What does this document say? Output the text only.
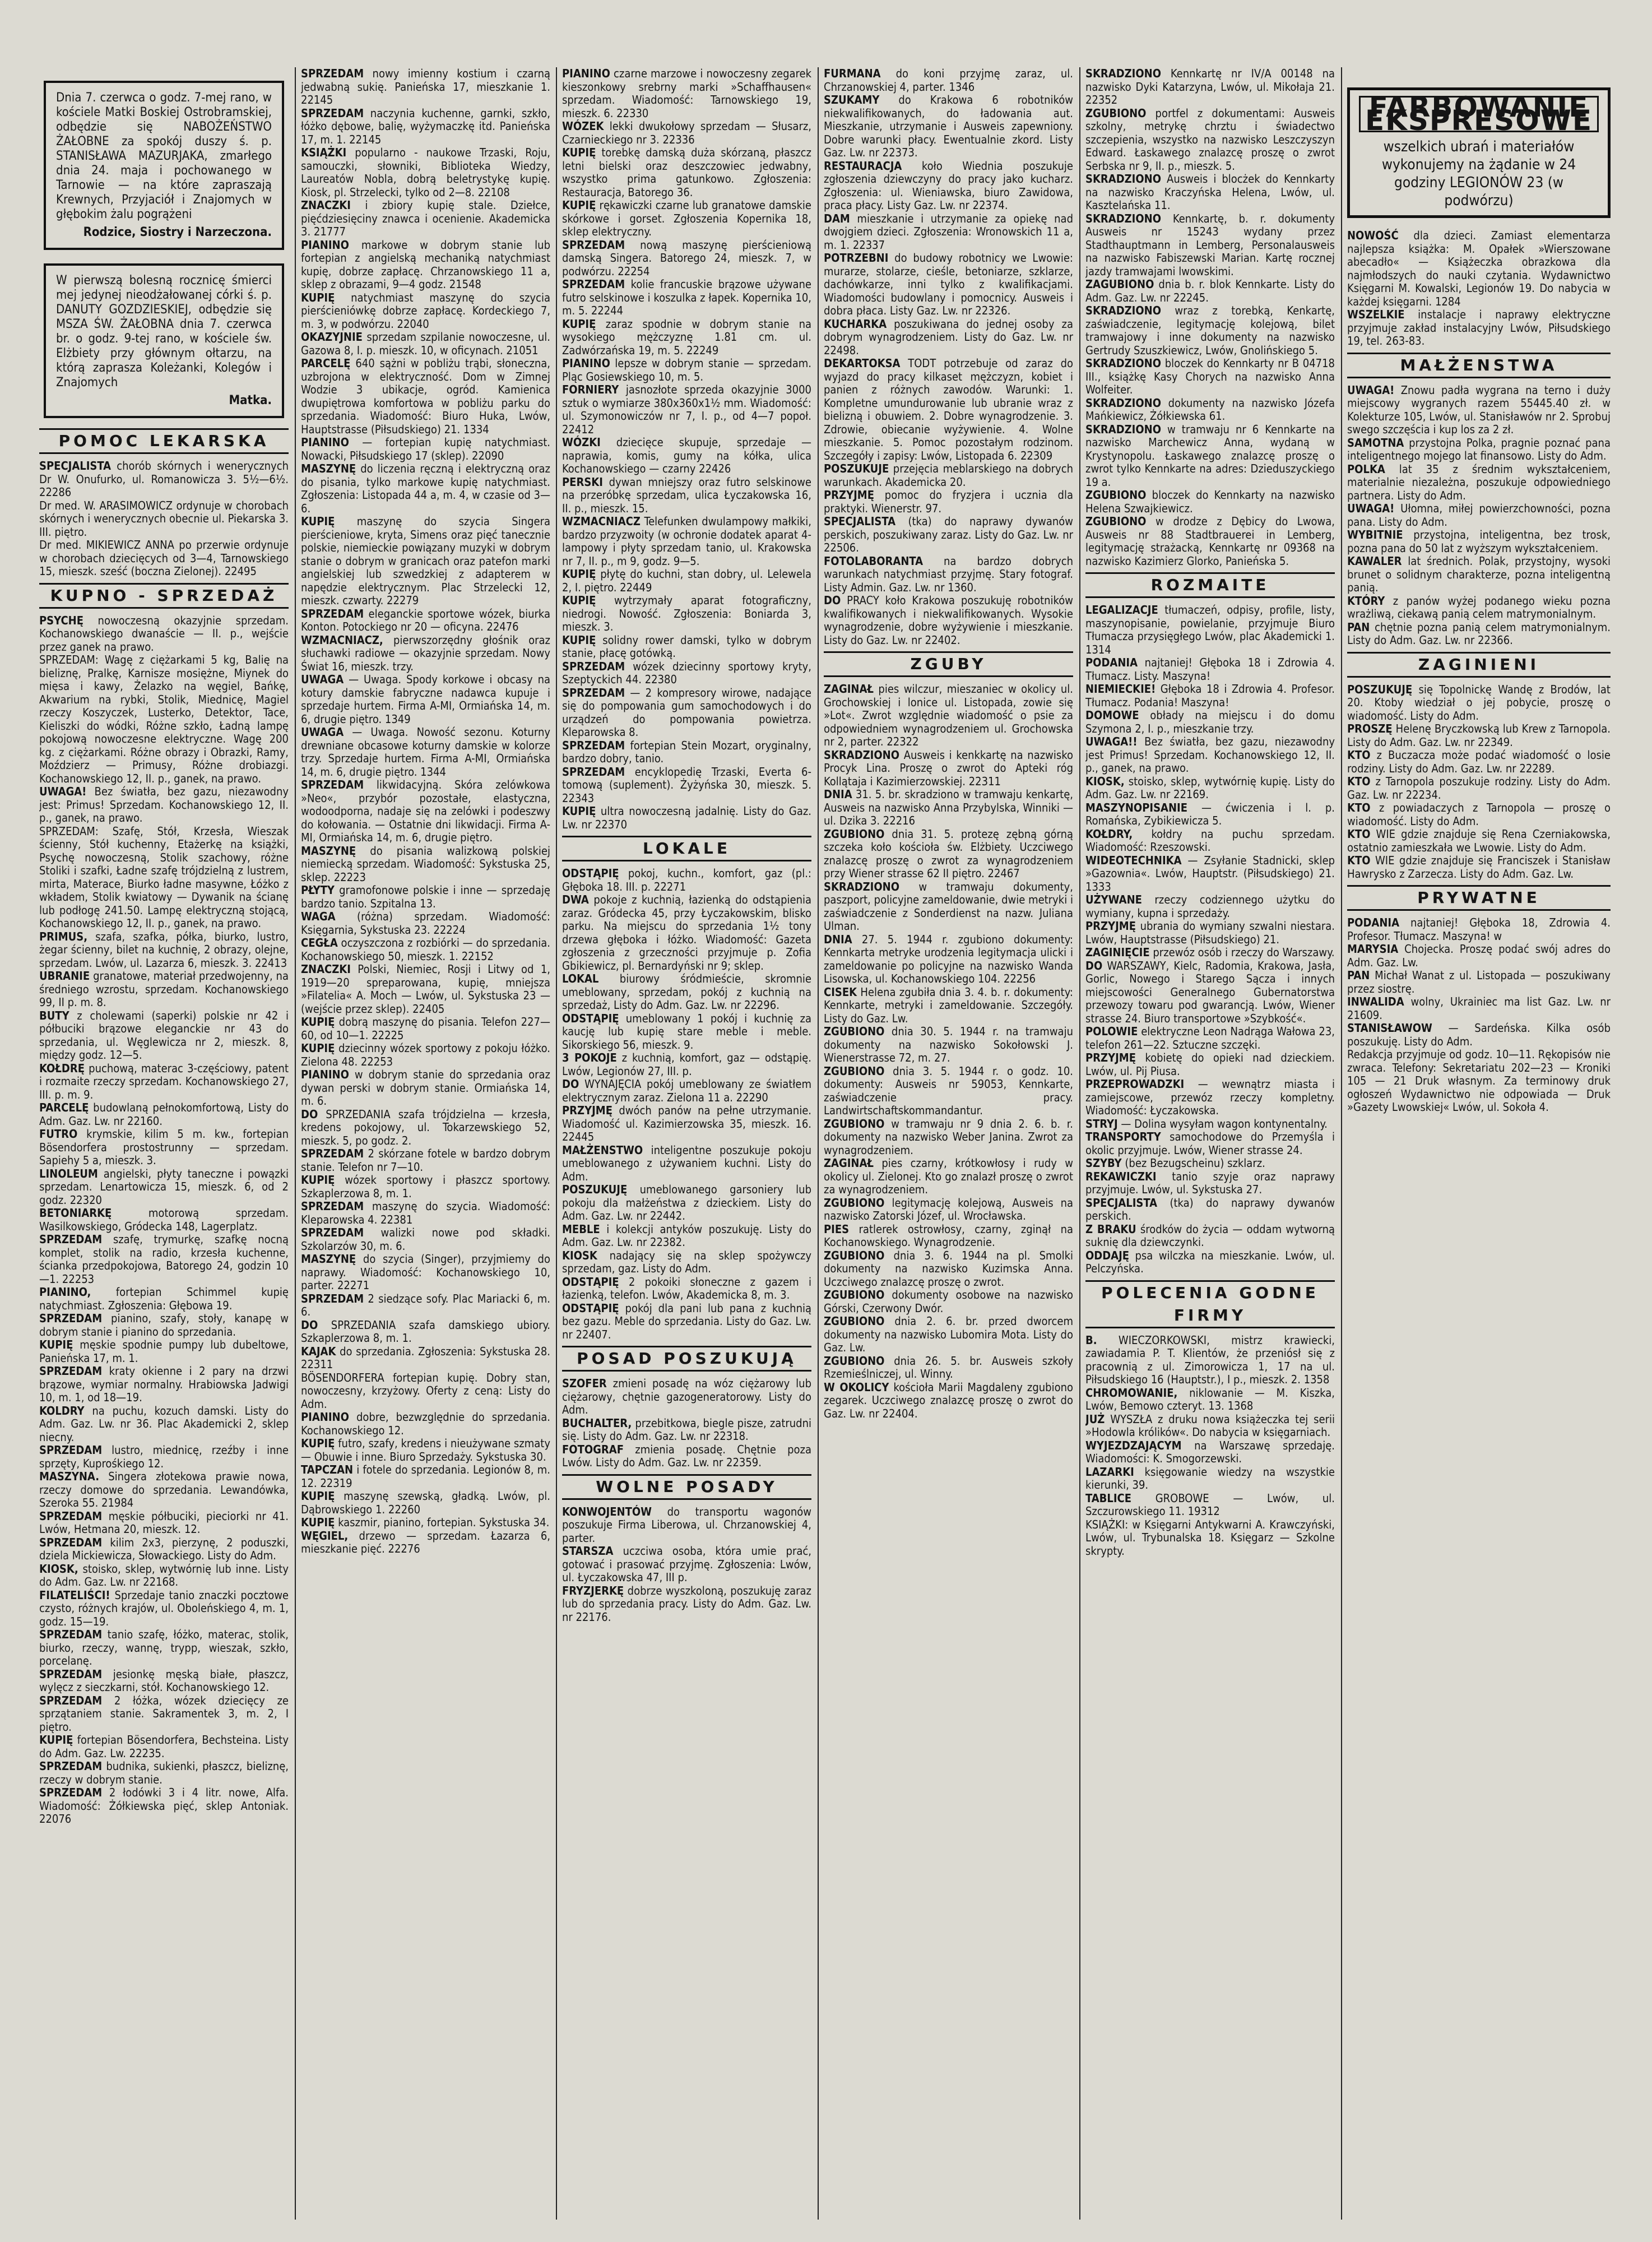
Dnia 7. czerwca o godz. 7-mej rano, w kościele Matki Boskiej Ostrobramskiej, odbędzie się NABOŻEŃSTWO ŻAŁOBNE za spokój duszy ś. p. STANISŁAWA MAZURJAKA, zmarłego dnia 24. maja i pochowanego w Tarnowie — na które zapraszają Krewnych, Przyjaciół i Znajomych w głębokim żalu pogrążeni

Rodzice, Siostry i Narzeczona.

W pierwszą bolesną rocznicę śmierci mej jedynej nieodżałowanej córki ś. p. DANUTY GOZDZIESKIEJ, odbędzie się MSZA ŚW. ŻAŁOBNA dnia 7. czerwca br. o godz. 9-tej rano, w kościele św. Elżbiety przy głównym ołtarzu, na którą zaprasza Koleżanki, Kolegów i Znajomych

Matka.
POMOC LEKARSKA

SPECJALISTA chorób skórnych i wenerycznych Dr W. Onufurko, ul. Romanowicza 3. 5½—6½. 22286

Dr med. W. ARASIMOWICZ ordynuje w chorobach skórnych i wenerycznych obecnie ul. Piekarska 3. III. piętro.

Dr med. MIKIEWICZ ANNA po przerwie ordynuje w chorobach dziecięcych od 3—4, Tarnowskiego 15, mieszk. sześć (boczna Zielonej). 22495

KUPNO - SPRZEDAŻ

PSYCHĘ nowoczesną okazyjnie sprzedam. Kochanowskiego dwanaście — II. p., wejście przez ganek na prawo.

SPRZEDAM: Wagę z ciężarkami 5 kg, Balię na bieliznę, Pralkę, Karnisze mosiężne, Miynek do mięsa i kawy, Żelazko na węgiel, Bańkę, Akwarium na rybki, Stolik, Miednicę, Magiel rzeczy Koszyczek, Lusterko, Detektor, Tace, Kieliszki do wódki, Różne szkło, Ładną lampę pokojową nowoczesne elektryczne. Wagę 200 kg. z ciężarkami. Różne obrazy i Obrazki, Ramy, Moździerz — Primusy, Różne drobiazgi. Kochanowskiego 12, II. p., ganek, na prawo.

UWAGA! Bez światła, bez gazu, niezawodny jest: Primus! Sprzedam. Kochanowskiego 12, II. p., ganek, na prawo.

SPRZEDAM: Szafę, Stół, Krzesła, Wieszak ścienny, Stół kuchenny, Etażerkę na książki, Psychę nowoczesną, Stolik szachowy, różne Stoliki i szafki, Ładne szafę trójdzielną z lustrem, mirta, Materace, Biurko ładne masywne, Łóżko z wkładem, Stolik kwiatowy — Dywanik na ścianę lub podłogę 241.50. Lampę elektryczną stojącą, Kochanowskiego 12, II. p., ganek, na prawo.

PRIMUS, szafa, szafka, półka, biurko, lustro, żegar ścienny, bilet na kuchnię, 2 obrazy, olejne, sprzedam. Lwów, ul. Lazarza 6, mieszk. 3. 22413

UBRANIE granatowe, materiał przedwojenny, na średniego wzrostu, sprzedam. Kochanowskiego 99, II p. m. 8.

BUTY z cholewami (saperki) polskie nr 42 i półbuciki brązowe eleganckie nr 43 do sprzedania, ul. Węglewicza nr 2, mieszk. 8, między godz. 12—5.

KOŁDRĘ puchową, materac 3-częściowy, patent i rozmaite rzeczy sprzedam. Kochanowskiego 27, III. p. m. 9.

PARCELĘ budowlaną pełnokomfortową, Listy do Adm. Gaz. Lw. nr 22160.

FUTRO krymskie, kilim 5 m. kw., fortepian Bösendorfera prostostrunny — sprzedam. Sapiehy 5 a, mieszk. 3.

LINOLEUM angielski, płyty taneczne i powązki sprzedam. Lenartowicza 15, mieszk. 6, od 2 godz. 22320

BETONIARKĘ motorową sprzedam. Wasilkowskiego, Gródecka 148, Lagerplatz.

SPRZEDAM szafę, trymurkę, szafkę nocną komplet, stolik na radio, krzesła kuchenne, ścianka przedpokojowa, Batorego 24, godzin 10—1. 22253

PIANINO, fortepian Schimmel kupię natychmiast. Zgłoszenia: Głębowa 19.

SPRZEDAM pianino, szafy, stoły, kanapę w dobrym stanie i pianino do sprzedania.

KUPIĘ męskie spodnie pumpy lub dubeltowe, Panieńska 17, m. 1.

SPRZEDAM kraty okienne i 2 pary na drzwi brązowe, wymiar normalny. Hrabiowska Jadwigi 10, m. 1, od 18—19.

KOLDRY na puchu, kozuch damski. Listy do Adm. Gaz. Lw. nr 36. Plac Akademicki 2, sklep niecny.

SPRZEDAM lustro, miednicę, rzeźby i inne sprzęty, Kuprośkiego 12.

MASZYNA. Singera złotekowa prawie nowa, rzeczy domowe do sprzedania. Lewandówka, Szeroka 55. 21984

SPRZEDAM męskie półbuciki, pieciorki nr 41. Lwów, Hetmana 20, mieszk. 12.

SPRZEDAM kilim 2x3, pierzynę, 2 poduszki, dziela Mickiewicza, Słowackiego. Listy do Adm.

KIOSK, stoisko, sklep, wytwórnię lub inne. Listy do Adm. Gaz. Lw. nr 22168.

FILATELIŚCI! Sprzedaje tanio znaczki pocztowe czysto, różnych krajów, ul. Oboleńskiego 4, m. 1, godz. 15—19.

SPRZEDAM tanio szafę, łóżko, materac, stolik, biurko, rzeczy, wannę, trypp, wieszak, szkło, porcelanę.

SPRZEDAM jesionkę męską białe, płaszcz, wylęcz z sieczkarni, stół. Kochanowskiego 12.

SPRZEDAM 2 łóżka, wózek dziecięcy ze sprzątaniem stanie. Sakramentek 3, m. 2, I piętro.

KUPIĘ fortepian Bösendorfera, Bechsteina. Listy do Adm. Gaz. Lw. 22235.

SPRZEDAM budnika, sukienki, płaszcz, bieliznę, rzeczy w dobrym stanie.

SPRZEDAM 2 łodówki 3 i 4 litr. nowe, Alfa. Wiadomość: Żółkiewska pięć, sklep Antoniak. 22076

SPRZEDAM nowy imienny kostium i czarną jedwabną sukię. Panieńska 17, mieszkanie 1. 22145

SPRZEDAM naczynia kuchenne, garnki, szkło, łóżko dębowe, balię, wyżymaczkę itd. Panieńska 17, m. 1. 22145

KSIĄŻKI popularno - naukowe Trzaski, Roju, samouczki, słowniki, Biblioteka Wiedzy, Laureatów Nobla, dobrą beletrystykę kupię. Kiosk, pl. Strzelecki, tylko od 2—8. 22108

ZNACZKI i zbiory kupię stale. Dziełce, pięćdziesięciny znawca i ocenienie. Akademicka 3. 21777

PIANINO markowe w dobrym stanie lub fortepian z angielską mechaniką natychmiast kupię, dobrze zapłacę. Chrzanowskiego 11 a, sklep z obrazami, 9—4 godz. 21548

KUPIĘ natychmiast maszynę do szycia pierścieniówkę dobrze zapłacę. Kordeckiego 7, m. 3, w podwórzu. 22040

OKAZYJNIE sprzedam szpilanie nowoczesne, ul. Gazowa 8, I. p. mieszk. 10, w oficynach. 21051

PARCELĘ 640 sążni w pobliżu trąbi, słoneczna, uzbrojona w elektryczność. Dom w Zimnej Wodzie 3 ubikacje, ogród. Kamienica dwupiętrowa komfortowa w pobliżu parku do sprzedania. Wiadomość: Biuro Huka, Lwów, Hauptstrasse (Piłsudskiego) 21. 1334

PIANINO — fortepian kupię natychmiast. Nowacki, Piłsudskiego 17 (sklep). 22090

MASZYNĘ do liczenia ręczną i elektryczną oraz do pisania, tylko markowe kupię natychmiast. Zgłoszenia: Listopada 44 a, m. 4, w czasie od 3—6.

KUPIĘ maszynę do szycia Singera pierścieniowe, kryta, Simens oraz pięć tanecznie polskie, niemieckie powiązany muzyki w dobrym stanie o dobrym w granicach oraz patefon marki angielskiej lub szwedzkiej z adapterem w napędzie elektrycznym. Plac Strzelecki 12, mieszk. czwarty. 22279

SPRZEDAM eleganckie sportowe wózek, biurka Konton. Potockiego nr 20 — oficyna. 22476

WZMACNIACZ, pierwszorzędny głośnik oraz słuchawki radiowe — okazyjnie sprzedam. Nowy Świat 16, mieszk. trzy.

UWAGA — Uwaga. Spody korkowe i obcasy na kotury damskie fabryczne nadawca kupuje i sprzedaje hurtem. Firma A-MI, Ormiańska 14, m. 6, drugie piętro. 1349

UWAGA — Uwaga. Nowość sezonu. Koturny drewniane obcasowe koturny damskie w kolorze trzy. Sprzedaje hurtem. Firma A-MI, Ormiańska 14, m. 6, drugie piętro. 1344

SPRZEDAM likwidacyjną. Skóra zelówkowa »Neo«, przybór pozostałe, elastyczna, wodoodporna, nadaje się na zelówki i podeszwy do kołowania. — Ostatnie dni likwidacji. Firma A-MI, Ormiańska 14, m. 6, drugie piętro.

MASZYNĘ do pisania walizkową polskiej niemiecką sprzedam. Wiadomość: Sykstuska 25, sklep. 22223

PŁYTY gramofonowe polskie i inne — sprzedaję bardzo tanio. Szpitalna 13.

WAGA (różna) sprzedam. Wiadomość: Księgarnia, Sykstuska 23. 22224

CEGŁA oczyszczona z rozbiórki — do sprzedania. Kochanowskiego 50, mieszk. 1. 22152

ZNACZKI Polski, Niemiec, Rosji i Litwy od 1, 1919—20 spreparowana, kupię, mniejsza »Filatelia« A. Moch — Lwów, ul. Sykstuska 23 — (wejście przez sklep). 22405

KUPIĘ dobrą maszynę do pisania. Telefon 227—60, od 10—1. 22225

KUPIĘ dziecinny wózek sportowy z pokoju łóżko. Zielona 48. 22253

PIANINO w dobrym stanie do sprzedania oraz dywan perski w dobrym stanie. Ormiańska 14, m. 6.

DO SPRZEDANIA szafa trójdzielna — krzesła, kredens pokojowy, ul. Tokarzewskiego 52, mieszk. 5, po godz. 2.

SPRZEDAM 2 skórzane fotele w bardzo dobrym stanie. Telefon nr 7—10.

KUPIĘ wózek sportowy i płaszcz sportowy. Szkaplerzowa 8, m. 1.

SPRZEDAM maszynę do szycia. Wiadomość: Kleparowska 4. 22381

SPRZEDAM walizki nowe pod składki. Szkolarzów 30, m. 6.

MASZYNĘ do szycia (Singer), przyjmiemy do naprawy. Wiadomość: Kochanowskiego 10, parter. 22271

SPRZEDAM 2 siedzące sofy. Plac Mariacki 6, m. 6.

DO SPRZEDANIA szafa damskiego ubiory. Szkaplerzowa 8, m. 1.

KAJAK do sprzedania. Zgłoszenia: Sykstuska 28. 22311

BÖSENDORFERA fortepian kupię. Dobry stan, nowoczesny, krzyżowy. Oferty z ceną: Listy do Adm.

PIANINO dobre, bezwzględnie do sprzedania. Kochanowskiego 12.

KUPIĘ futro, szafy, kredens i nieużywane szmaty — Obuwie i inne. Biuro Sprzedaży. Sykstuska 30.

TAPCZAN i fotele do sprzedania. Legionów 8, m. 12. 22319

KUPIĘ maszynę szewską, gładką. Lwów, pl. Dąbrowskiego 1. 22260

KUPIĘ kaszmir, pianino, fortepian. Sykstuska 34.

WĘGIEL, drzewo — sprzedam. Łazarza 6, mieszkanie pięć. 22276

PIANINO czarne marzowe i nowoczesny zegarek kieszonkowy srebrny marki »Schaffhausen« sprzedam. Wiadomość: Tarnowskiego 19, mieszk. 6. 22330

WÓZEK lekki dwukołowy sprzedam — Słusarz, Czarnieckiego nr 3. 22336

KUPIĘ torebkę damską duża skórzaną, płaszcz letni bielski oraz deszczowiec jedwabny, wszystko prima gatunkowo. Zgłoszenia: Restauracja, Batorego 36.

KUPIĘ rękawiczki czarne lub granatowe damskie skórkowe i gorset. Zgłoszenia Kopernika 18, sklep elektryczny.

SPRZEDAM nową maszynę pierścieniową damską Singera. Batorego 24, mieszk. 7, w podwórzu. 22254

SPRZEDAM kolie francuskie brązowe używane futro selskinowe i koszulka z łapek. Kopernika 10, m. 5. 22244

KUPIĘ zaraz spodnie w dobrym stanie na wysokiego mężczyznę 1.81 cm. ul. Zadwórzańska 19, m. 5. 22249

PIANINO lepsze w dobrym stanie — sprzedam. Pląc Gosiewskiego 10, m. 5.

FORNIERY jasnozłote sprzeda okazyjnie 3000 sztuk o wymiarze 380x360x1½ mm. Wiadomość: ul. Szymonowiczów nr 7, I. p., od 4—7 popoł. 22412

WÓZKI dziecięce skupuje, sprzedaje — naprawia, komis, gumy na kółka, ulica Kochanowskiego — czarny 22426

PERSKI dywan mniejszy oraz futro selskinowe na przeróbkę sprzedam, ulica Łyczakowska 16, II. p., mieszk. 15.

WZMACNIACZ Telefunken dwulampowy małkiki, bardzo przyzwoity (w ochronie dodatek aparat 4-lampowy i płyty sprzedam tanio, ul. Krakowska nr 7, II. p., m 9, godz. 9—5.

KUPIĘ płytę do kuchni, stan dobry, ul. Lelewela 2, I. piętro. 22449

KUPIĘ wytrzymały aparat fotograficzny, niedrogi. Nowość. Zgłoszenia: Boniarda 3, mieszk. 3.

KUPIĘ solidny rower damski, tylko w dobrym stanie, płacę gotówką.

SPRZEDAM wózek dziecinny sportowy kryty, Szeptyckich 44. 22380

SPRZEDAM — 2 kompresory wirowe, nadające się do pompowania gum samochodowych i do urządzeń do pompowania powietrza. Kleparowska 8.

SPRZEDAM fortepian Stein Mozart, oryginalny, bardzo dobry, tanio.

SPRZEDAM encyklopedię Trzaski, Everta 6-tomową (suplement). Żyżyńska 30, mieszk. 5. 22343

KUPIĘ ultra nowoczesną jadalnię. Listy do Gaz. Lw. nr 22370

LOKALE

ODSTĄPIĘ pokoj, kuchn., komfort, gaz (pl.: Głęboka 18. III. p. 22271

DWA pokoje z kuchnią, łazienką do odstąpienia zaraz. Gródecka 45, przy Łyczakowskim, blisko parku. Na miejscu do sprzedania 1½ tony drzewa głęboka i łóżko. Wiadomość: Gazeta zgłoszenia z grzeczności przyjmuje p. Zofia Gbikiewicz, pl. Bernardyński nr 9; sklep.

LOKAL biurowy śródmieście, skromnie umeblowany, sprzedam, pokój z kuchnią na sprzedaż, Listy do Adm. Gaz. Lw. nr 22296.

ODSTĄPIĘ umeblowany 1 pokój i kuchnię za kaucję lub kupię stare meble i meble. Sikorskiego 56, mieszk. 9.

3 POKOJE z kuchnią, komfort, gaz — odstąpię. Lwów, Legionów 27, III. p.

DO WYNAJĘCIA pokój umeblowany ze światłem elektrycznym zaraz. Zielona 11 a. 22290

PRZYJMĘ dwóch panów na pełne utrzymanie. Wiadomość ul. Kazimierzowska 35, mieszk. 16. 22445

MAŁŻENSTWO inteligentne poszukuje pokoju umeblowanego z używaniem kuchni. Listy do Adm.

POSZUKUJĘ umeblowanego garsoniery lub pokoju dla małżeństwa z dzieckiem. Listy do Adm. Gaz. Lw. nr 22442.

MEBLE i kolekcji antyków poszukuję. Listy do Adm. Gaz. Lw. nr 22382.

KIOSK nadający się na sklep spożywczy sprzedam, gaz. Listy do Adm.

ODSTĄPIĘ 2 pokoiki słoneczne z gazem i łazienką, telefon. Lwów, Akademicka 8, m. 3.

ODSTĄPIĘ pokój dla pani lub pana z kuchnią bez gazu. Meble do sprzedania. Listy do Gaz. Lw. nr 22407.

POSAD POSZUKUJĄ

SZOFER zmieni posadę na wóz ciężarowy lub ciężarowy, chętnie gazogeneratorowy. Listy do Adm.

BUCHALTER, przebitkowa, biegle pisze, zatrudni się. Listy do Adm. Gaz. Lw. nr 22318.

FOTOGRAF zmienia posadę. Chętnie poza Lwów. Listy do Adm. Gaz. Lw. nr 22359.

WOLNE POSADY

KONWOJENTÓW do transportu wagonów poszukuje Firma Liberowa, ul. Chrzanowskiej 4, parter.

STARSZA uczciwa osoba, która umie prać, gotować i prasować przyjmę. Zgłoszenia: Lwów, ul. Łyczakowska 47, III p.

FRYZJERKĘ dobrze wyszkoloną, poszukuję zaraz lub do sprzedania pracy. Listy do Adm. Gaz. Lw. nr 22176.

FURMANA do koni przyjmę zaraz, ul. Chrzanowskiej 4, parter. 1346

SZUKAMY do Krakowa 6 robotników niekwalifikowanych, do ładowania aut. Mieszkanie, utrzymanie i Ausweis zapewniony. Dobre warunki płacy. Ewentualnie zkord. Listy Gaz. Lw. nr 22373.

RESTAURACJA koło Wiednia poszukuje zgłoszenia dziewczyny do pracy jako kucharz. Zgłoszenia: ul. Wieniawska, biuro Zawidowa, praca płacy. Listy Gaz. Lw. nr 22374.

DAM mieszkanie i utrzymanie za opiekę nad dwojgiem dzieci. Zgłoszenia: Wronowskich 11 a, m. 1. 22337

POTRZEBNI do budowy robotnicy we Lwowie: murarze, stolarze, cieśle, betoniarze, szklarze, dachówkarze, inni tylko z kwalifikacjami. Wiadomości budowlany i pomocnicy. Ausweis i dobra płaca. Listy Gaz. Lw. nr 22326.

KUCHARKA poszukiwana do jednej osoby za dobrym wynagrodzeniem. Listy do Gaz. Lw. nr 22498.

DEKARTOKSA TODT potrzebuje od zaraz do wyjazd do pracy kilkaset mężczyzn, kobiet i panien z różnych zawodów. Warunki: 1. Kompletne umundurowanie lub ubranie wraz z bielizną i obuwiem. 2. Dobre wynagrodzenie. 3. Zdrowie, obiecanie wyżywienie. 4. Wolne mieszkanie. 5. Pomoc pozostałym rodzinom. Szczegóły i zapisy: Lwów, Listopada 6. 22309

POSZUKUJE przejęcia meblarskiego na dobrych warunkach. Akademicka 20.

PRZYJMĘ pomoc do fryzjera i ucznia dla praktyki. Wienerstr. 97.

SPECJALISTA (tka) do naprawy dywanów perskich, poszukiwany zaraz. Listy do Gaz. Lw. nr 22506.

FOTOLABORANTA na bardzo dobrych warunkach natychmiast przyjmę. Stary fotograf. Listy Admin. Gaz. Lw. nr 1360.

DO PRACY koło Krakowa poszukuję robotników kwalifikowanych i niekwalifikowanych. Wysokie wynagrodzenie, dobre wyżywienie i mieszkanie. Listy do Gaz. Lw. nr 22402.

ZGUBY

ZAGINAŁ pies wilczur, mieszaniec w okolicy ul. Grochowskiej i lonice ul. Listopada, zowie się »Lot«. Zwrot względnie wiadomość o psie za odpowiedniem wynagrodzeniem ul. Grochowska nr 2, parter. 22322

SKRADZIONO Ausweis i kenkkartę na nazwisko Procyk Lina. Proszę o zwrot do Apteki róg Kollątaja i Kazimierzowskiej. 22311

DNIA 31. 5. br. skradziono w tramwaju kenkartę, Ausweis na nazwisko Anna Przybylska, Winniki — ul. Dzika 3. 22216

ZGUBIONO dnia 31. 5. protezę zębną górną szczeka koło kościoła św. Elżbiety. Uczciwego znalazcę proszę o zwrot za wynagrodzeniem przy Wiener strasse 62 II piętro. 22467

SKRADZIONO w tramwaju dokumenty, paszport, policyjne zameldowanie, dwie metryki i zaświadczenie z Sonderdienst na nazw. Juliana Ulman.

DNIA 27. 5. 1944 r. zgubiono dokumenty: Kennkarta metryke urodzenia legitymacja ulicki i zameldowanie po policyjne na nazwisko Wanda Lisowska, ul. Kochanowskiego 104. 22256

CISEK Helena zgubiła dnia 3. 4. b. r. dokumenty: Kennkarte, metryki i zameldowanie. Szczegóły. Listy do Gaz. Lw.

ZGUBIONO dnia 30. 5. 1944 r. na tramwaju dokumenty na nazwisko Sokołowski J. Wienerstrasse 72, m. 27.

ZGUBIONO dnia 3. 5. 1944 r. o godz. 10. dokumenty: Ausweis nr 59053, Kennkarte, zaświadczenie pracy. Landwirtschaftskommandantur.

ZGUBIONO w tramwaju nr 9 dnia 2. 6. b. r. dokumenty na nazwisko Weber Janina. Zwrot za wynagrodzeniem.

ZAGINAŁ pies czarny, krótkowłosy i rudy w okolicy ul. Zielonej. Kto go znalazł proszę o zwrot za wynagrodzeniem.

ZGUBIONO legitymację kolejową, Ausweis na nazwisko Zatorski Józef, ul. Wrocławska.

PIES ratlerek ostrowłosy, czarny, zginął na Kochanowskiego. Wynagrodzenie.

ZGUBIONO dnia 3. 6. 1944 na pl. Smolki dokumenty na nazwisko Kuzimska Anna. Uczciwego znalazcę proszę o zwrot.

ZGUBIONO dokumenty osobowe na nazwisko Górski, Czerwony Dwór.

ZGUBIONO dnia 2. 6. br. przed dworcem dokumenty na nazwisko Lubomira Mota. Listy do Gaz. Lw.

ZGUBIONO dnia 26. 5. br. Ausweis szkoły Rzemieślniczej, ul. Winny.

W OKOLICY kościoła Marii Magdaleny zgubiono zegarek. Uczciwego znalazcę proszę o zwrot do Gaz. Lw. nr 22404.

SKRADZIONO Kennkartę nr IV/A 00148 na nazwisko Dyki Katarzyna, Lwów, ul. Mikołaja 21. 22352

ZGUBIONO portfel z dokumentami: Ausweis szkolny, metrykę chrztu i świadectwo szczepienia, wszystko na nazwisko Leszczyszyn Edward. Łaskawego znalazcę proszę o zwrot Serbska nr 9, II. p., mieszk. 5.

SKRADZIONO Ausweis i blocżek do Kennkarty na nazwisko Kraczyńska Helena, Lwów, ul. Kasztelańska 11.

SKRADZIONO Kennkartę, b. r. dokumenty Ausweis nr 15243 wydany przez Stadthauptmann in Lemberg, Personalausweis na nazwisko Fabiszewski Marian. Kartę rocznej jazdy tramwajami lwowskimi.

ZAGUBIONO dnia b. r. blok Kennkarte. Listy do Adm. Gaz. Lw. nr 22245.

SKRADZIONO wraz z torebką, Kenkartę, zaświadczenie, legitymację kolejową, bilet tramwajowy i inne dokumenty na nazwisko Gertrudy Szuszkiewicz, Lwów, Gnolińskiego 5.

SKRADZIONO bloczek do Kennkarty nr B 04718 III., książkę Kasy Chorych na nazwisko Anna Wolfeiter.

SKRADZIONO dokumenty na nazwisko Józefa Mańkiewicz, Żółkiewska 61.

SKRADZIONO w tramwaju nr 6 Kennkarte na nazwisko Marchewicz Anna, wydaną w Krystynopolu. Łaskawego znalazcę proszę o zwrot tylko Kennkarte na adres: Dzieduszyckiego 19 a.

ZGUBIONO bloczek do Kennkarty na nazwisko Helena Szwajkiewicz.

ZGUBIONO w drodze z Dębicy do Lwowa, Ausweis nr 88 Stadtbrauerei in Lemberg, legitymację strażacką, Kennkartę nr 09368 na nazwisko Kazimierz Glorko, Panieńska 5.

ROZMAITE

LEGALIZACJE tłumaczeń, odpisy, profile, listy, maszynopisanie, powielanie, przyjmuje Biuro Tłumacza przysięgłego Lwów, plac Akademicki 1. 1314

PODANIA najtaniej! Głęboka 18 i Zdrowia 4. Tłumacz. Listy. Maszyna!

NIEMIECKIE! Głęboka 18 i Zdrowia 4. Profesor. Tłumacz. Podania! Maszyna!

DOMOWE obłady na miejscu i do domu Szymona 2, I. p., mieszkanie trzy.

UWAGA!! Bez światła, bez gazu, niezawodny jest Primus! Sprzedam. Kochanowskiego 12, II. p., ganek, na prawo.

KIOSK, stoisko, sklep, wytwórnię kupię. Listy do Adm. Gaz. Lw. nr 22169.

MASZYNOPISANIE — ćwiczenia i l. p. Romańska, Zybikiewicza 5.

KOŁDRY, kołdry na puchu sprzedam. Wiadomość: Rzeszowski.

WIDEOTECHNIKA — Zsyłanie Stadnicki, sklep »Gazownia«. Lwów, Hauptstr. (Piłsudskiego) 21. 1333

UŻYWANE rzeczy codziennego użytku do wymiany, kupna i sprzedaży.

PRZYJMĘ ubrania do wymiany szwalni niestara. Lwów, Hauptstrasse (Piłsudskiego) 21.

ZAGINIĘCIE przewóz osób i rzeczy do Warszawy.

DO WARSZAWY, Kielc, Radomia, Krakowa, Jasła, Gorlic, Nowego i Starego Sącza i innych miejscowości Generalnego Gubernatorstwa przewozy towaru pod gwarancją. Lwów, Wiener strasse 24. Biuro transportowe »Szybkość«.

POLOWIE elektryczne Leon Nadrąga Wałowa 23, telefon 261—22. Sztuczne szczęki.

PRZYJMĘ kobietę do opieki nad dzieckiem. Lwów, ul. Pij Piusa.

PRZEPROWADZKI — wewnątrz miasta i zamiejscowe, przewóz rzeczy kompletny. Wiadomość: Łyczakowska.

STRYJ — Dolina wysyłam wagon kontynentalny.

TRANSPORTY samochodowe do Przemyśla i okolic przyjmuje. Lwów, Wiener strasse 24.

SZYBY (bez Bezugscheinu) szklarz.

REKAWICZKI tanio szyje oraz naprawy przyjmuje. Lwów, ul. Sykstuska 27.

SPECJALISTA (tka) do naprawy dywanów perskich.

Z BRAKU środków do życia — oddam wytworną suknię dla dziewczynki.

ODDAJĘ psa wilczka na mieszkanie. Lwów, ul. Pelczyńska.

POLECENIA GODNE FIRMY

B. WIECZORKOWSKI, mistrz krawiecki, zawiadamia P. T. Klientów, że przeniósł się z pracownią z ul. Zimorowicza 1, 17 na ul. Piłsudskiego 16 (Hauptstr.), I p., mieszk. 2. 1358

CHROMOWANIE, niklowanie — M. Kiszka, Lwów, Bemowo czteryt. 13. 1368

JUŻ WYSZŁA z druku nowa książeczka tej serii »Hodowla królików«. Do nabycia w księgarniach.

WYJEZDZAJĄCYM na Warszawę sprzedaję. Wiadomości: K. Smogorzewski.

LAZARKI księgowanie wiedzy na wszystkie kierunki, 39.

TABLICE GROBOWE — Lwów, ul. Szczurowskiego 11. 19312

KSIĄŻKI: w Księgarni Antykwarni A. Krawczyński, Lwów, ul. Trybunalska 18. Księgarz — Szkolne skrypty.

FARBOWANIE EKSPRESOWE

wszelkich ubrań i materiałów wykonujemy na żądanie w 24 godziny LEGIONÓW 23 (w podwórzu)

NOWOŚĆ dla dzieci. Zamiast elementarza najlepsza książka: M. Opałek »Wierszowane abecadło« — Książeczka obrazkowa dla najmłodszych do nauki czytania. Wydawnictwo Księgarni M. Kowalski, Legionów 19. Do nabycia w każdej księgarni. 1284

WSZELKIE instalacje i naprawy elektryczne przyjmuje zakład instalacyjny Lwów, Piłsudskiego 19, tel. 263-83.

MAŁŻENSTWA

UWAGA! Znowu padła wygrana na terno i duży miejscowy wygranych razem 55445.40 zł. w Kolekturze 105, Lwów, ul. Stanisławów nr 2. Sprobuj swego szczęścia i kup los za 2 zł.

SAMOTNA przystojna Polka, pragnie poznać pana inteligentnego mojego lat finansowo. Listy do Adm.

POLKA lat 35 z średnim wykształceniem, materialnie niezależna, poszukuje odpowiedniego partnera. Listy do Adm.

UWAGA! Ułomna, miłej powierzchowności, pozna pana. Listy do Adm.

WYBITNIE przystojna, inteligentna, bez trosk, pozna pana do 50 lat z wyższym wykształceniem.

KAWALER lat średnich. Polak, przystojny, wysoki brunet o solidnym charakterze, pozna inteligentną panią.

KTÓRY z panów wyżej podanego wieku pozna wrażliwą, ciekawą panią celem matrymonialnym.

PAN chętnie pozna panią celem matrymonialnym. Listy do Adm. Gaz. Lw. nr 22366.

ZAGINIENI

POSZUKUJĘ się Topolnickę Wandę z Brodów, lat 20. Ktoby wiedział o jej pobycie, proszę o wiadomość. Listy do Adm.

PROSZĘ Helenę Bryczkowską lub Krew z Tarnopola. Listy do Adm. Gaz. Lw. nr 22349.

KTO z Buczacza może podać wiadomość o losie rodziny. Listy do Adm. Gaz. Lw. nr 22289.

KTO z Tarnopola poszukuje rodziny. Listy do Adm. Gaz. Lw. nr 22234.

KTO z powiadaczych z Tarnopola — proszę o wiadomość. Listy do Adm.

KTO WIE gdzie znajduje się Rena Czerniakowska, ostatnio zamieszkała we Lwowie. Listy do Adm.

KTO WIE gdzie znajduje się Franciszek i Stanisław Hawrysko z Zarzecza. Listy do Adm. Gaz. Lw.

PRYWATNE

PODANIA najtaniej! Głęboka 18, Zdrowia 4. Profesor. Tłumacz. Maszyna! w

MARYSIA Chojecka. Proszę podać swój adres do Adm. Gaz. Lw.

PAN Michał Wanat z ul. Listopada — poszukiwany przez siostrę.

INWALIDA wolny, Ukrainiec ma list Gaz. Lw. nr 21609.

STANISŁAWOW — Sardeńska. Kilka osób poszukuję. Listy do Adm.

Redakcja przyjmuje od godz. 10—11. Rękopisów nie zwraca. Telefony: Sekretariatu 202—23 — Kroniki 105 — 21 Druk własnym. Za terminowy druk ogłoszeń Wydawnictwo nie odpowiada — Druk »Gazety Lwowskiej« Lwów, ul. Sokoła 4.
